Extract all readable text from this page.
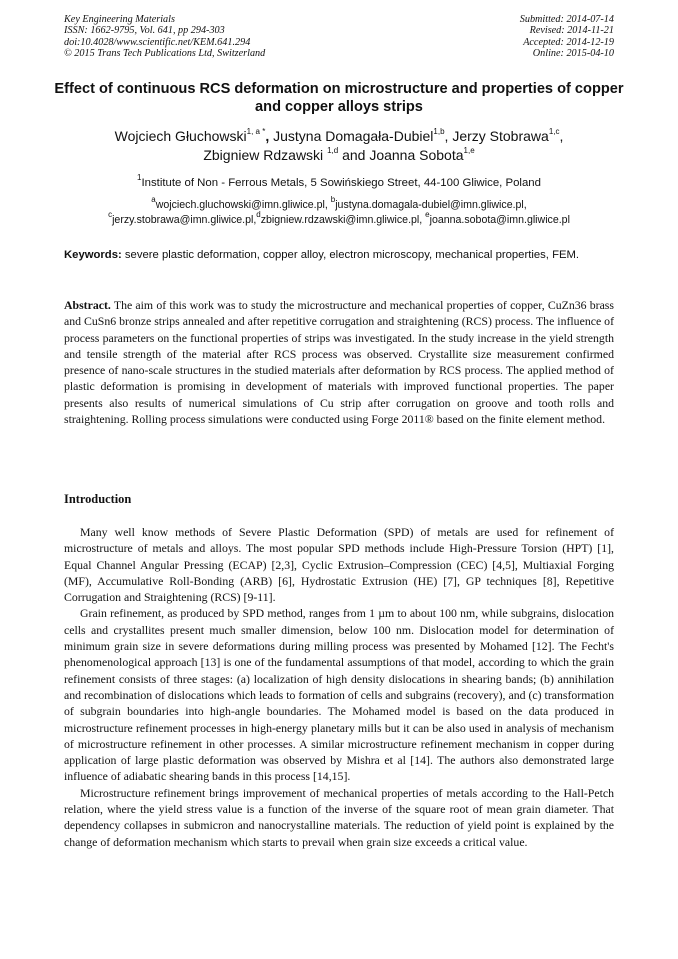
Key Engineering Materials
ISSN: 1662-9795, Vol. 641, pp 294-303
doi:10.4028/www.scientific.net/KEM.641.294
© 2015 Trans Tech Publications Ltd, Switzerland
Submitted: 2014-07-14
Revised: 2014-11-21
Accepted: 2014-12-19
Online: 2015-04-10
Effect of continuous RCS deformation on microstructure and properties of copper and copper alloys strips
Wojciech Głuchowski$^{1, a *}$, Justyna Domagała-Dubiel$^{1,b}$, Jerzy Stobrawa$^{1,c}$,
Zbigniew Rdzawski $^{1,d}$ and Joanna Sobota$^{1,e}$
$^1$Institute of Non - Ferrous Metals, 5 Sowińskiego Street, 44-100 Gliwice, Poland
$^a$wojciech.gluchowski@imn.gliwice.pl, $^b$justyna.domagala-dubiel@imn.gliwice.pl,
$^c$jerzy.stobrawa@imn.gliwice.pl,$^d$zbigniew.rdzawski@imn.gliwice.pl, $^e$joanna.sobota@imn.gliwice.pl
Keywords: severe plastic deformation, copper alloy, electron microscopy, mechanical properties, FEM.
Abstract. The aim of this work was to study the microstructure and mechanical properties of copper, CuZn36 brass and CuSn6 bronze strips annealed and after repetitive corrugation and straightening (RCS) process. The influence of process parameters on the functional properties of strips was investigated. In the study increase in the yield strength and tensile strength of the material after RCS process was observed. Crystallite size measurement confirmed presence of nano-scale structures in the studied materials after deformation by RCS process. The applied method of plastic deformation is promising in development of materials with improved functional properties. The paper presents also results of numerical simulations of Cu strip after corrugation on groove and tooth rolls and straightening. Rolling process simulations were conducted using Forge 2011® based on the finite element method.
Introduction

Many well know methods of Severe Plastic Deformation (SPD) of metals are used for refinement of microstructure of metals and alloys. The most popular SPD methods include High-Pressure Torsion (HPT) [1], Equal Channel Angular Pressing (ECAP) [2,3], Cyclic Extrusion–Compression (CEC) [4,5], Multiaxial Forging (MF), Accumulative Roll-Bonding (ARB) [6], Hydrostatic Extrusion (HE) [7], GP techniques [8], Repetitive Corrugation and Straightening (RCS) [9-11].

Grain refinement, as produced by SPD method, ranges from 1 µm to about 100 nm, while subgrains, dislocation cells and crystallites present much smaller dimension, below 100 nm. Dislocation model for determination of minimum grain size in severe deformations during milling process was presented by Mohamed [12]. The Fecht's phenomenological approach [13] is one of the fundamental assumptions of that model, according to which the grain refinement consists of three stages: (a) localization of high density dislocations in shearing bands; (b) annihilation and recombination of dislocations which leads to formation of cells and subgrains (recovery), and (c) transformation of subgrain boundaries into high-angle boundaries. The Mohamed model is based on the data produced in microstructure refinement processes in high-energy planetary mills but it can be also used in analysis of mechanism of microstructure refinement in other processes. A similar microstructure refinement mechanism in copper during application of large plastic deformation was observed by Mishra et al [14]. The authors also demonstrated large influence of adiabatic shearing bands in this process [14,15].

Microstructure refinement brings improvement of mechanical properties of metals according to the Hall-Petch relation, where the yield stress value is a function of the inverse of the square root of mean grain diameter. That dependency collapses in submicron and nanocrystalline materials. The reduction of yield point is explained by the change of deformation mechanism which starts to prevail when grain size exceeds a critical value.
